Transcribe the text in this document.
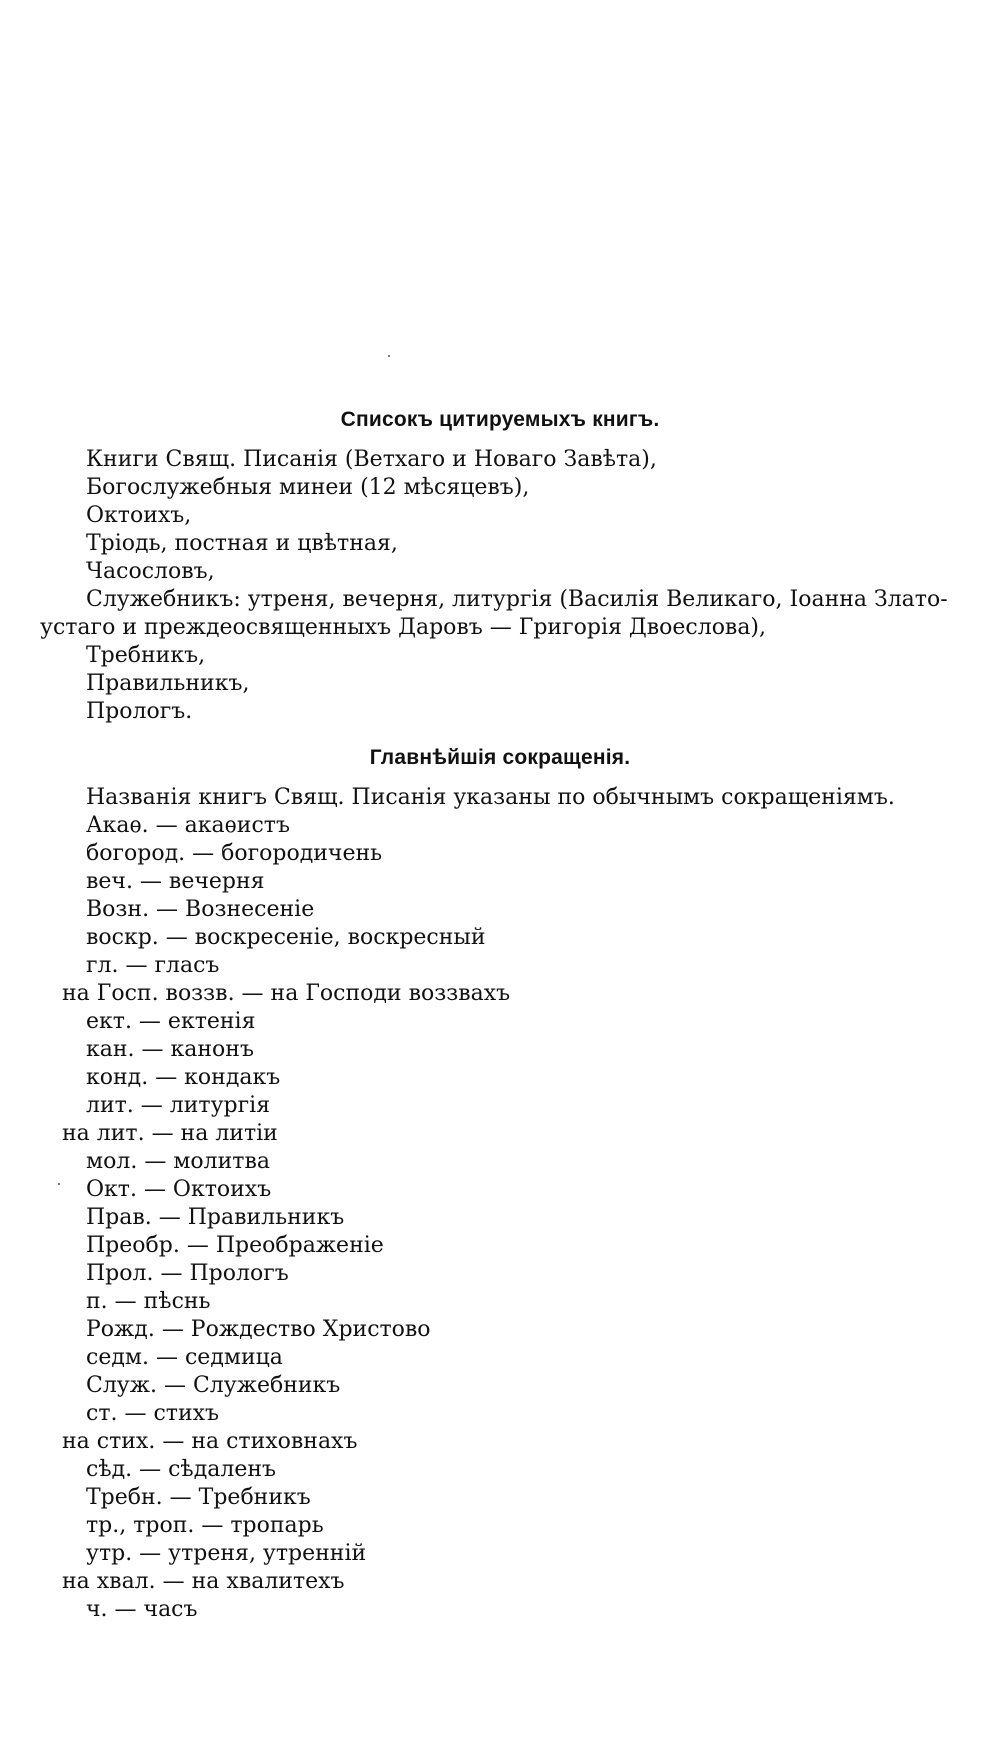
Списокъ цитируемыхъ книгъ.
Книги Свящ. Писанія (Ветхаго и Новаго Завѣта),
Богослужебныя минеи (12 мѣсяцевъ),
Октоихъ,
Тріодь, постная и цвѣтная,
Часословъ,
Служебникъ: утреня, вечерня, литургія (Василія Великаго, Іоанна Злато-
устаго и преждеосвященныхъ Даровъ — Григорія Двоеслова),
Требникъ,
Правильникъ,
Прологъ.
Главнѣйшія сокращенія.
Названія книгъ Свящ. Писанія указаны по обычнымъ сокращеніямъ.
Акаѳ. — акаѳистъ
богород. — богородичень
веч. — вечерня
Возн. — Вознесеніе
воскр. — воскресеніе, воскресный
гл. — гласъ
на Госп. воззв. — на Господи воззвахъ
ект. — ектенія
кан. — канонъ
конд. — кондакъ
лит. — литургія
на лит. — на литіи
мол. — молитва
Окт. — Октоихъ
Прав. — Правильникъ
Преобр. — Преображеніе
Прол. — Прологъ
п. — пѣснь
Рожд. — Рождество Христово
седм. — седмица
Служ. — Служебникъ
ст. — стихъ
на стих. — на стиховнахъ
сѣд. — сѣдаленъ
Требн. — Требникъ
тр., троп. — тропарь
утр. — утреня, утренній
на хвал. — на хвалитехъ
ч. — часъ
